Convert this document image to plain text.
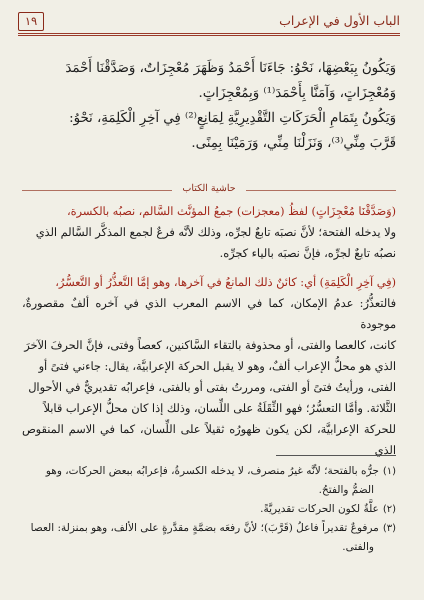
الباب الأول في الإعراب
١٩

وَيَكُونُ بِبَعْضِهَا، نَحْوُ: جَاءَنَا أَحْمَدُ وَظَهَرَ مُعْجِزَاتٌ، وَصَدَّقْنَا أَحْمَدَ

وَمُعْجِزَاتٍ، وَآمَنَّا بِأَحْمَدَ⁽¹⁾ وَبِمُعْجِزَاتٍ.

وَيَكُونُ بِتَمَامِ الْحَرَكَاتِ التَّقْدِيرِيَّةِ لِمَانِعٍ⁽²⁾ فِي آخِرِ الْكَلِمَةِ، نَحْوُ:

قَرَّبَ مِنِّي⁽³⁾، وَنَزَلْنَا مِنِّي، وَرَمَيْنَا بِمِنًى.

حاشية الكتاب

(وَصَدَّقْنَا مُعْجِزَاتٍ) لفظُ (معجزات) جمعُ المؤنَّث السَّالم، نصبُه بالكسرة،

ولا يدخله الفتحة؛ لأنَّ نصبَه تابعٌ لجرِّه، وذلك لأنَّه فرعٌ لجمع المذكَّر السَّالم الذي

نصبُه تابعٌ لجرِّه، فإنَّ نصبَه بالياء كجرِّه.

(فِي آخِرِ الْكَلِمَةِ) أي: كائنٌ ذلك المانعُ في آخرها، وهو إمَّا التَّعذُّرُ أو التَّعسُّرُ،

فالتعذُّرُ: عدمُ الإمكان، كما في الاسم المعرب الذي في آخره ألفٌ مقصورةٌ، موجودة

كانت، كالعصا والفتى، أو محذوفة بالتقاء السَّاكنين، كعصاً وفتى، فإنَّ الحرفَ الآخرَ

الذي هو محلُّ الإعراب ألفٌ، وهو لا يقبل الحركة الإعرابيَّة، يقال: جاءني فتىً أو

الفتى، ورأيتُ فتىً أو الفتى، ومررتُ بفتى أو بالفتى، فإعرابُه تقديريٌّ في الأحوال

الثَّلاثة. وأمَّا التعسُّرُ؛ فهو الثِّقَلَةُ على اللِّسان، وذلك إذا كان محلُّ الإعراب قابلاً

للحركة الإعرابيَّة، لكن يكون ظهورُه ثقيلاً على اللِّسان، كما في الاسم المنقوص الذي

(١)جرُّه بالفتحة؛ لأنَّه غيرُ منصرف، لا يدخله الكسرةُ، فإعرابُه ببعض الحركات، وهو

الضمُّ والفتحُ.

(٢)علَّةٌ لكون الحركات تقديريَّةً.

(٣)مرفوعٌ تقديراً فاعلُ (قَرَّبَ)؛ لأنَّ رفعَه بضمَّةٍ مقدَّرةٍ على الألف، وهو بمنزلة: العصا

والفتى.
